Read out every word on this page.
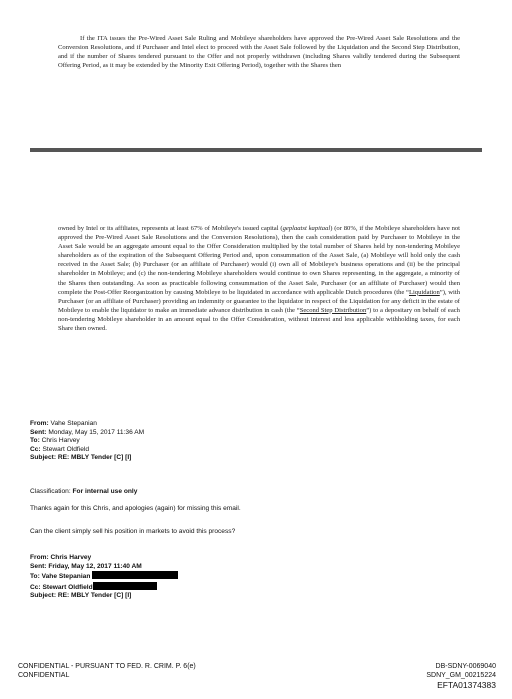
If the ITA issues the Pre-Wired Asset Sale Ruling and Mobileye shareholders have approved the Pre-Wired Asset Sale Resolutions and the Conversion Resolutions, and if Purchaser and Intel elect to proceed with the Asset Sale followed by the Liquidation and the Second Step Distribution, and if the number of Shares tendered pursuant to the Offer and not properly withdrawn (including Shares validly tendered during the Subsequent Offering Period, as it may be extended by the Minority Exit Offering Period), together with the Shares then
owned by Intel or its affiliates, represents at least 67% of Mobileye's issued capital (geplaatst kapitaal) (or 80%, if the Mobileye shareholders have not approved the Pre-Wired Asset Sale Resolutions and the Conversion Resolutions), then the cash consideration paid by Purchaser to Mobileye in the Asset Sale would be an aggregate amount equal to the Offer Consideration multiplied by the total number of Shares held by non-tendering Mobileye shareholders as of the expiration of the Subsequent Offering Period and, upon consummation of the Asset Sale, (a) Mobileye will hold only the cash received in the Asset Sale; (b) Purchaser (or an affiliate of Purchaser) would (i) own all of Mobileye's business operations and (ii) be the principal shareholder in Mobileye; and (c) the non-tendering Mobileye shareholders would continue to own Shares representing, in the aggregate, a minority of the Shares then outstanding. As soon as practicable following consummation of the Asset Sale, Purchaser (or an affiliate of Purchaser) would then complete the Post-Offer Reorganization by causing Mobileye to be liquidated in accordance with applicable Dutch procedures (the “Liquidation”), with Purchaser (or an affiliate of Purchaser) providing an indemnity or guarantee to the liquidator in respect of the Liquidation for any deficit in the estate of Mobileye to enable the liquidator to make an immediate advance distribution in cash (the “Second Step Distribution”) to a depositary on behalf of each non-tendering Mobileye shareholder in an amount equal to the Offer Consideration, without interest and less applicable withholding taxes, for each Share then owned.
From: Vahe Stepanian
Sent: Monday, May 15, 2017 11:36 AM
To: Chris Harvey
Cc: Stewart Oldfield
Subject: RE: MBLY Tender [C] [I]
Classification: For internal use only
Thanks again for this Chris, and apologies (again) for missing this email.
Can the client simply sell his position in markets to avoid this process?
From: Chris Harvey
Sent: Friday, May 12, 2017 11:40 AM
To: Vahe Stepanian
Cc: Stewart Oldfield
Subject: RE: MBLY Tender [C] [I]
CONFIDENTIAL - PURSUANT TO FED. R. CRIM. P. 6(e)
CONFIDENTIAL
DB-SDNY-0069040
SDNY_GM_00215224
EFTA01374383
